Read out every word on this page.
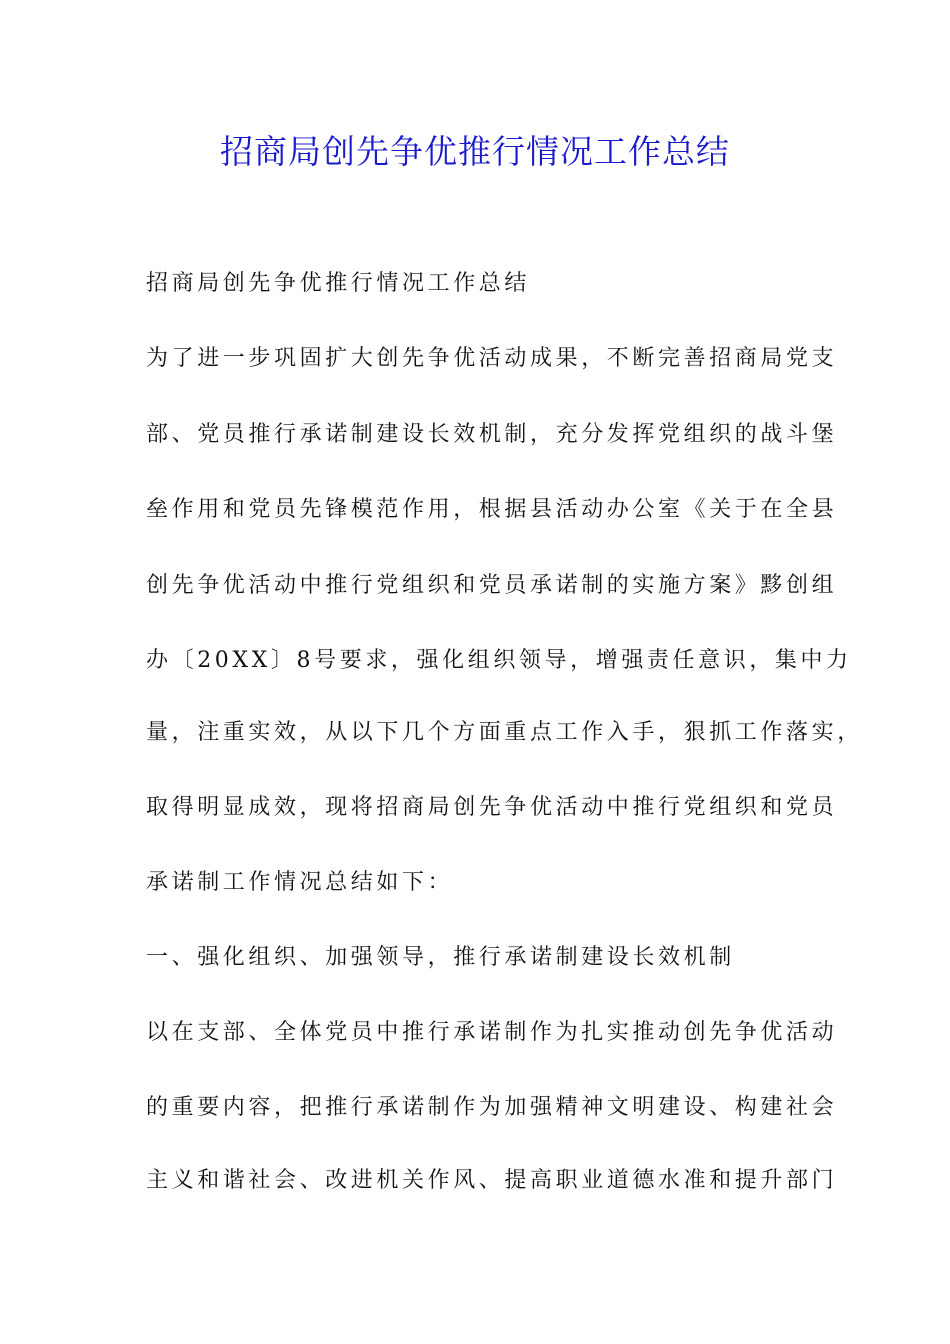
招商局创先争优推行情况工作总结

招商局创先争优推行情况工作总结

为了进一步巩固扩大创先争优活动成果，不断完善招商局党支

部、党员推行承诺制建设长效机制，充分发挥党组织的战斗堡

垒作用和党员先锋模范作用，根据县活动办公室《关于在全县

创先争优活动中推行党组织和党员承诺制的实施方案》黟创组

办〔20XX〕8号要求，强化组织领导，增强责任意识，集中力

量，注重实效，从以下几个方面重点工作入手，狠抓工作落实，

取得明显成效，现将招商局创先争优活动中推行党组织和党员

承诺制工作情况总结如下：

一、强化组织、加强领导，推行承诺制建设长效机制

以在支部、全体党员中推行承诺制作为扎实推动创先争优活动

的重要内容，把推行承诺制作为加强精神文明建设、构建社会

主义和谐社会、改进机关作风、提高职业道德水准和提升部门
